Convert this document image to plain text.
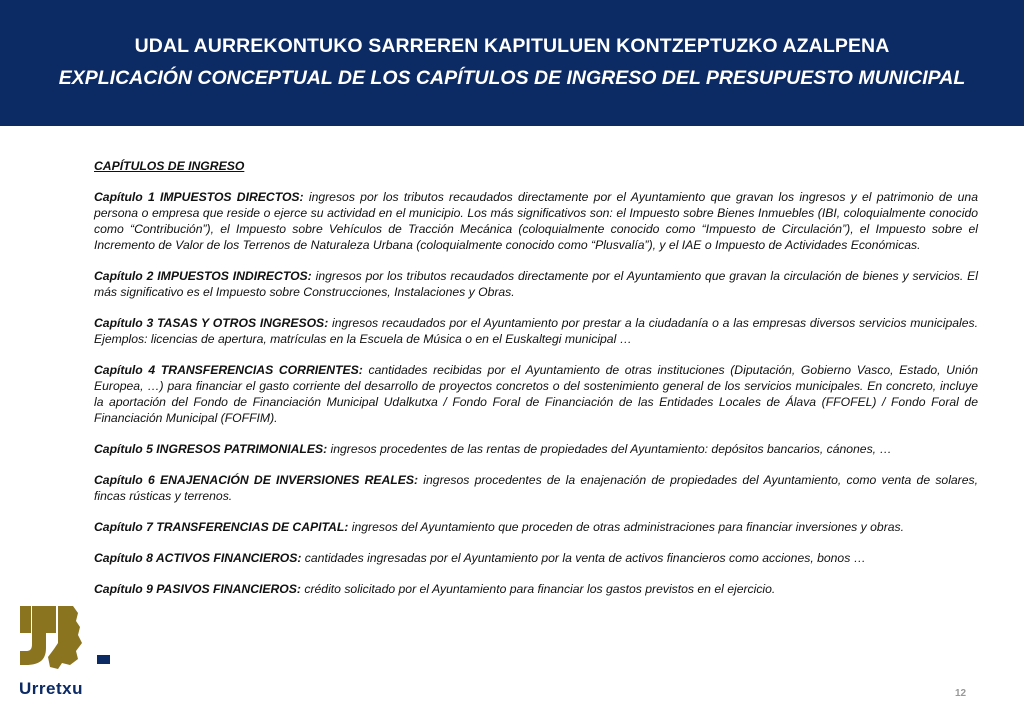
UDAL AURREKONTUKO SARREREN KAPITULUEN KONTZEPTUZKO AZALPENA
EXPLICACIÓN CONCEPTUAL DE LOS CAPÍTULOS DE INGRESO DEL PRESUPUESTO MUNICIPAL
CAPÍTULOS DE INGRESO

Capítulo 1 IMPUESTOS DIRECTOS: ingresos por los tributos recaudados directamente por el Ayuntamiento que gravan los ingresos y el patrimonio de una persona o empresa que reside o ejerce su actividad en el municipio. Los más significativos son: el Impuesto sobre Bienes Inmuebles (IBI, coloquialmente conocido como “Contribución”), el Impuesto sobre Vehículos de Tracción Mecánica (coloquialmente conocido como “Impuesto de Circulación”), el Impuesto sobre el Incremento de Valor de los Terrenos de Naturaleza Urbana (coloquialmente conocido como “Plusvalía”), y el IAE o Impuesto de Actividades Económicas.

Capítulo 2 IMPUESTOS INDIRECTOS: ingresos por los tributos recaudados directamente por el Ayuntamiento que gravan la circulación de bienes y servicios. El más significativo es el Impuesto sobre Construcciones, Instalaciones y Obras.

Capítulo 3 TASAS Y OTROS INGRESOS: ingresos recaudados por el Ayuntamiento por prestar a la ciudadanía o a las empresas diversos servicios municipales. Ejemplos: licencias de apertura, matrículas en la Escuela de Música o en el Euskaltegi municipal …

Capítulo 4 TRANSFERENCIAS CORRIENTES: cantidades recibidas por el Ayuntamiento de otras instituciones (Diputación, Gobierno Vasco, Estado, Unión Europea, …) para financiar el gasto corriente del desarrollo de proyectos concretos o del sostenimiento general de los servicios municipales. En concreto, incluye la aportación del Fondo de Financiación Municipal Udalkutxa / Fondo Foral de Financiación de las Entidades Locales de Álava (FFOFEL) / Fondo Foral de Financiación Municipal (FOFFIM).

Capítulo 5 INGRESOS PATRIMONIALES: ingresos procedentes de las rentas de propiedades del Ayuntamiento: depósitos bancarios, cánones, …

Capítulo 6 ENAJENACIÓN DE INVERSIONES REALES: ingresos procedentes de la enajenación de propiedades del Ayuntamiento, como venta de solares, fincas rústicas y terrenos.

Capítulo 7 TRANSFERENCIAS DE CAPITAL: ingresos del Ayuntamiento que proceden de otras administraciones para financiar inversiones y obras.

Capítulo 8 ACTIVOS FINANCIEROS: cantidades ingresadas por el Ayuntamiento por la venta de activos financieros como acciones, bonos …

Capítulo 9 PASIVOS FINANCIEROS: crédito solicitado por el Ayuntamiento para financiar los gastos previstos en el ejercicio.

Urretxu	12
